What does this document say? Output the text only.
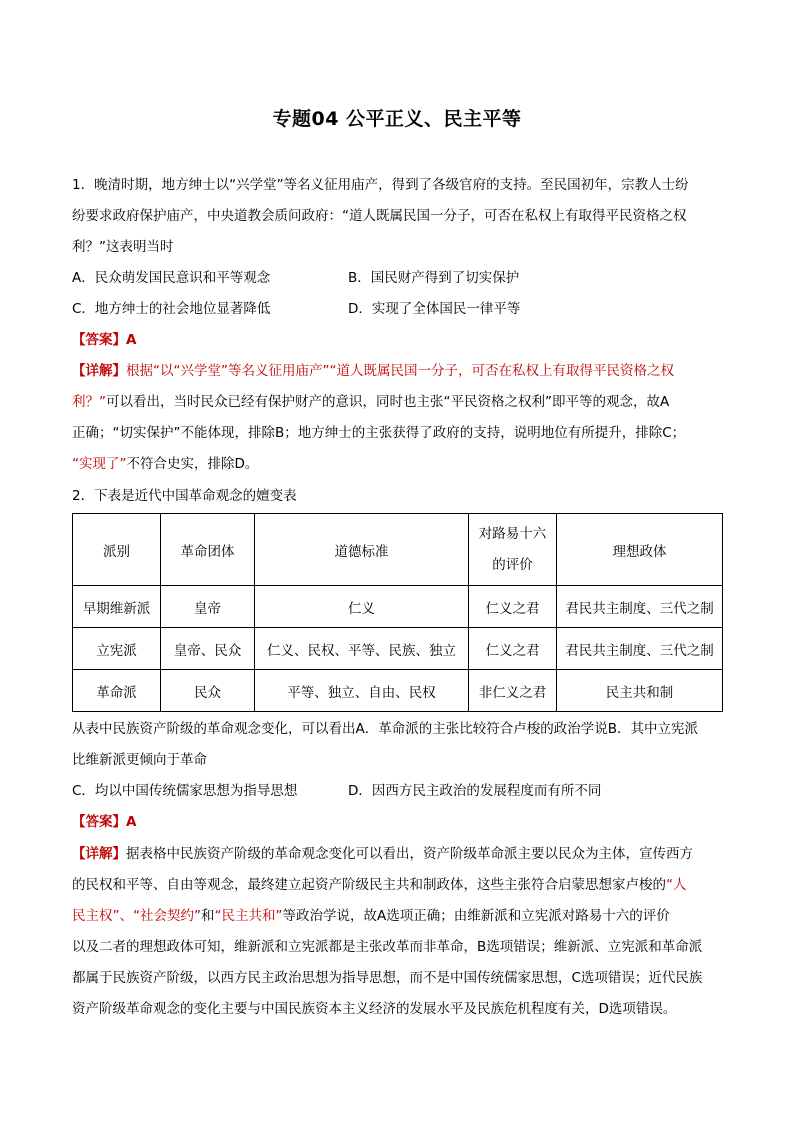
专题04 公平正义、民主平等
1．晚清时期，地方绅士以“兴学堂”等名义征用庙产，得到了各级官府的支持。至民国初年，宗教人士纷
纷要求政府保护庙产，中央道教会质问政府：“道人既属民国一分子，可否在私权上有取得平民资格之权
利？”这表明当时
A．民众萌发国民意识和平等观念	B．国民财产得到了切实保护
C．地方绅士的社会地位显著降低	D．实现了全体国民一律平等
【答案】A
【详解】根据“以“兴学堂”等名义征用庙产”“道人既属民国一分子，可否在私权上有取得平民资格之权
利？”可以看出，当时民众已经有保护财产的意识，同时也主张“平民资格之权利”即平等的观念，故A
正确；“切实保护”不能体现，排除B；地方绅士的主张获得了政府的支持，说明地位有所提升，排除C；
“实现了”不符合史实，排除D。
2．下表是近代中国革命观念的嬗变表
派别	革命团体	道德标准	对路易十六
的评价	理想政体
早期维新派	皇帝	仁义	仁义之君	君民共主制度、三代之制
立宪派	皇帝、民众	仁义、民权、平等、民族、独立	仁义之君	君民共主制度、三代之制
革命派	民众	平等、独立、自由、民权	非仁义之君	民主共和制
从表中民族资产阶级的革命观念变化，可以看出A．革命派的主张比较符合卢梭的政治学说B．其中立宪派
比维新派更倾向于革命
C．均以中国传统儒家思想为指导思想	D．因西方民主政治的发展程度而有所不同
【答案】A
【详解】据表格中民族资产阶级的革命观念变化可以看出，资产阶级革命派主要以民众为主体，宣传西方
的民权和平等、自由等观念，最终建立起资产阶级民主共和制政体，这些主张符合启蒙思想家卢梭的“人
民主权”、“社会契约”和“民主共和”等政治学说，故A选项正确；由维新派和立宪派对路易十六的评价
以及二者的理想政体可知，维新派和立宪派都是主张改革而非革命，B选项错误；维新派、立宪派和革命派
都属于民族资产阶级，以西方民主政治思想为指导思想，而不是中国传统儒家思想，C选项错误；近代民族
资产阶级革命观念的变化主要与中国民族资本主义经济的发展水平及民族危机程度有关，D选项错误。
